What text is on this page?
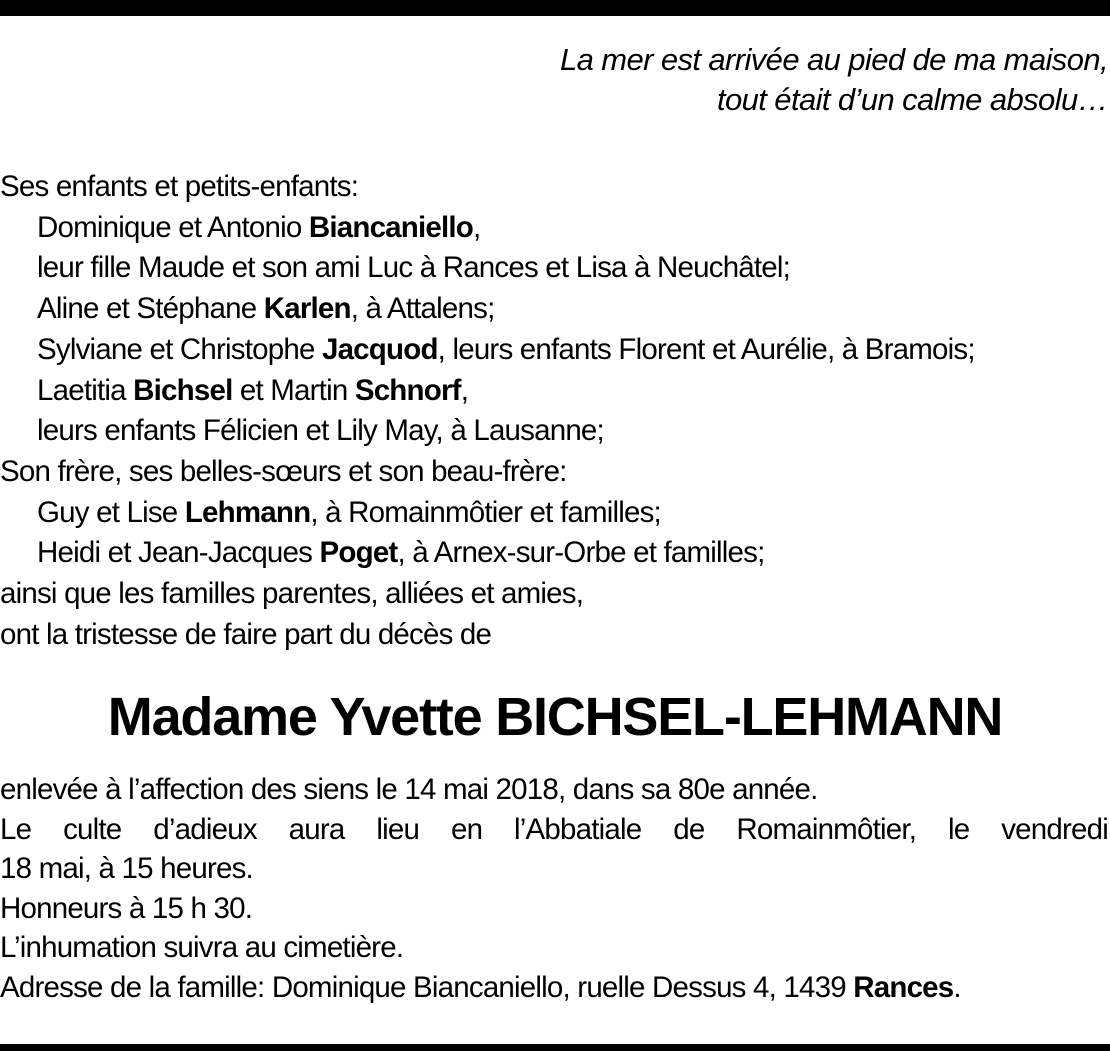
La mer est arrivée au pied de ma maison,
tout était d’un calme absolu…
Ses enfants et petits-enfants:
Dominique et Antonio Biancaniello,
leur fille Maude et son ami Luc à Rances et Lisa à Neuchâtel;
Aline et Stéphane Karlen, à Attalens;
Sylviane et Christophe Jacquod, leurs enfants Florent et Aurélie, à Bramois;
Laetitia Bichsel et Martin Schnorf,
leurs enfants Félicien et Lily May, à Lausanne;
Son frère, ses belles-sœurs et son beau-frère:
Guy et Lise Lehmann, à Romainmôtier et familles;
Heidi et Jean-Jacques Poget, à Arnex-sur-Orbe et familles;
ainsi que les familles parentes, alliées et amies,
ont la tristesse de faire part du décès de
Madame Yvette BICHSEL-LEHMANN
enlevée à l’affection des siens le 14 mai 2018, dans sa 80e année.
Le culte d’adieux aura lieu en l’Abbatiale de Romainmôtier, le vendredi
18 mai, à 15 heures.
Honneurs à 15 h 30.
L’inhumation suivra au cimetière.
Adresse de la famille: Dominique Biancaniello, ruelle Dessus 4, 1439 Rances.
